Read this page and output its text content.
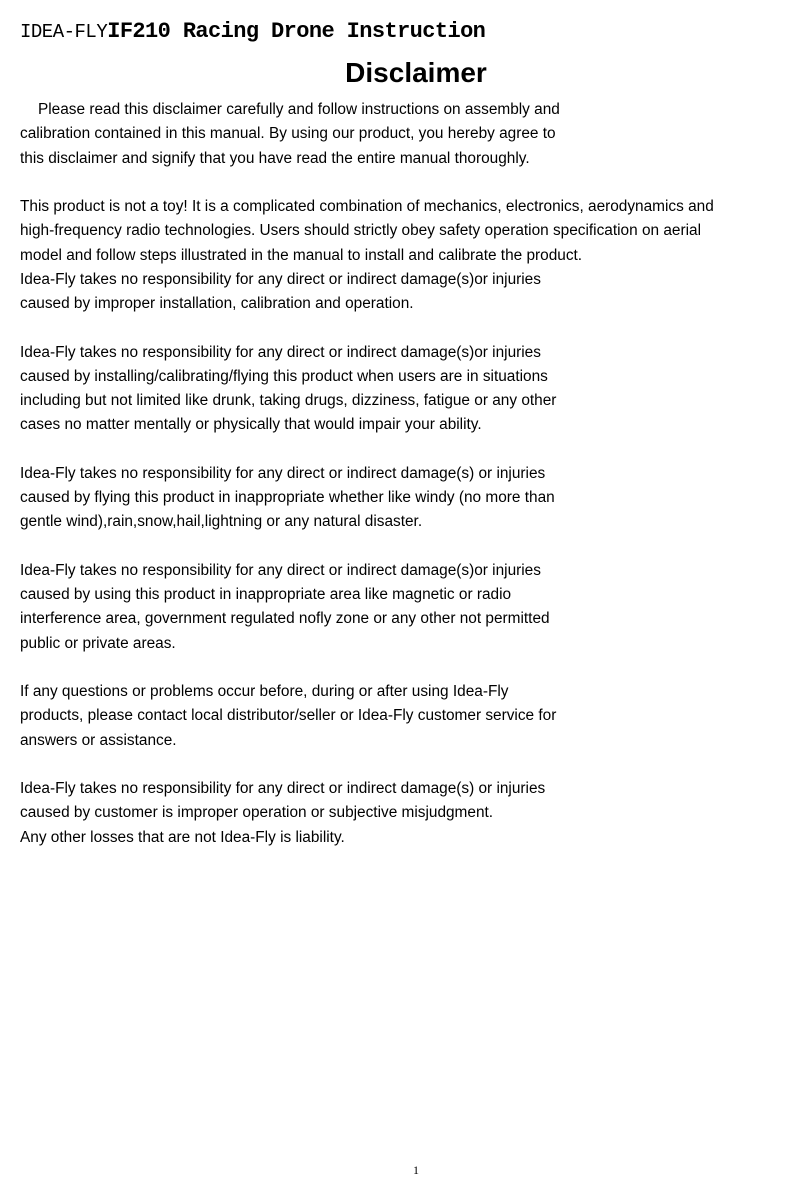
IDEA-FLYIF210 Racing Drone Instruction
Disclaimer

Please read this disclaimer carefully and follow instructions on assembly and
calibration contained in this manual. By using our product, you hereby agree to
this disclaimer and signify that you have read the entire manual thoroughly.

This product is not a toy! It is a complicated combination of mechanics, electronics, aerodynamics and
high-frequency radio technologies. Users should strictly obey safety operation specification on aerial
model and follow steps illustrated in the manual to install and calibrate the product.
Idea-Fly takes no responsibility for any direct or indirect damage(s)or injuries
caused by improper installation, calibration and operation.

Idea-Fly takes no responsibility for any direct or indirect damage(s)or injuries
caused by installing/calibrating/flying this product when users are in situations
including but not limited like drunk, taking drugs, dizziness, fatigue or any other
cases no matter mentally or physically that would impair your ability.

Idea-Fly takes no responsibility for any direct or indirect damage(s) or injuries
caused by flying this product in inappropriate whether like windy (no more than
gentle wind),rain,snow,hail,lightning or any natural disaster.

Idea-Fly takes no responsibility for any direct or indirect damage(s)or injuries
caused by using this product in inappropriate area like magnetic or radio
interference area, government regulated nofly zone or any other not permitted
public or private areas.

If any questions or problems occur before, during or after using Idea-Fly
products, please contact local distributor/seller or Idea-Fly customer service for
answers or assistance.

Idea-Fly takes no responsibility for any direct or indirect damage(s) or injuries
caused by customer is improper operation or subjective misjudgment.
Any other losses that are not Idea-Fly is liability.

1
